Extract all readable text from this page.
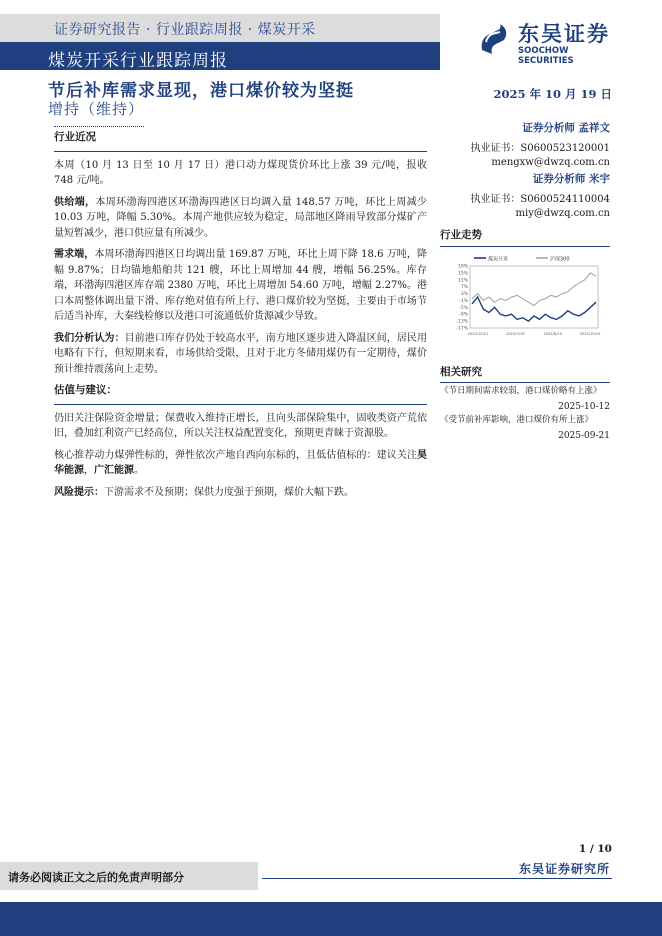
证券研究报告 · 行业跟踪周报 · 煤炭开采
煤炭开采行业跟踪周报
东吴证券
SOOCHOW SECURITIES
节后补库需求显现，港口煤价较为坚挺
增持（维持）
2025 年 10 月 19 日
行业近况

本周（10 月 13 日至 10 月 17 日）港口动力煤现货价环比上涨 39 元/吨，报收 748 元/吨。

供给端，本周环渤海四港区环渤海四港区日均调入量 148.57 万吨，环比上周减少 10.03 万吨，降幅 5.30%。本周产地供应较为稳定，局部地区降雨导致部分煤矿产量短暂减少，港口供应量有所减少。

需求端，本周环渤海四港区日均调出量 169.87 万吨，环比上周下降 18.6 万吨，降幅 9.87%；日均锚地船舶共 121 艘，环比上周增加 44 艘，增幅 56.25%。库存端，环渤海四港区库存端 2380 万吨，环比上周增加 54.60 万吨，增幅 2.27%。港口本周整体调出量下滑、库存绝对值有所上行、港口煤价较为坚挺，主要由于市场节后适当补库，大秦线检修以及港口可流通低价货源减少导致。

我们分析认为：目前港口库存仍处于较高水平，南方地区逐步进入降温区间，居民用电略有下行，但短期来看，市场供给受限，且对于北方冬储用煤仍有一定期待，煤价预计维持震荡向上走势。

估值与建议：

仍旧关注保险资金增量；保费收入维持正增长，且向头部保险集中，固收类资产荒依旧，叠加红利资产已经高位，所以关注权益配置变化，预期更青睐于资源股。

核心推荐动力煤弹性标的，弹性依次产地自西向东标的，且低估值标的：建议关注昊华能源，广汇能源。

风险提示：下游需求不及预期；保供力度强于预期，煤价大幅下跌。

证券分析师 孟祥文
执业证书：S0600523120001
mengxw@dwzq.com.cn
证券分析师 米宇
执业证书：S0600524110004
miy@dwzq.com.cn
行业走势
煤炭开采	沪深300
19%
15%
11%
7%
3%
-1%
-5%
-9%
-13%
-17%
2024/10/21	2025/2/19	2025/6/19	2025/10/19
相关研究
《节日期间需求较弱，港口煤价略有上涨》
2025-10-12
《受节前补库影响，港口煤价有所上涨》
2025-09-21
1 / 10
请务必阅读正文之后的免责声明部分
东吴证券研究所
